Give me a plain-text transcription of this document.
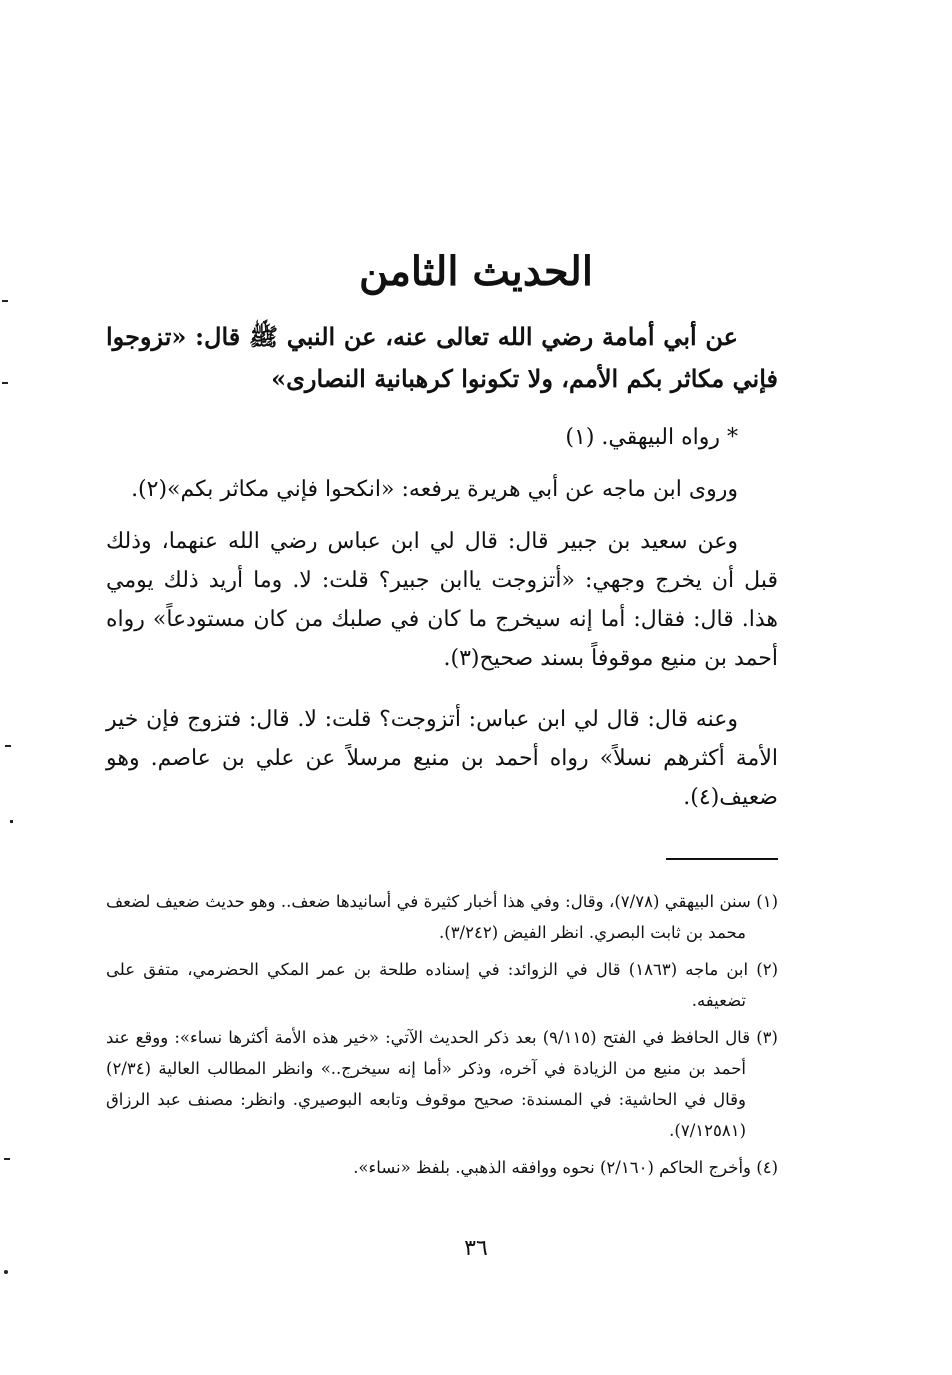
الحديث الثامن
عن أبي أمامة رضي الله تعالى عنه، عن النبي ﷺ قال: «تزوجوا فإني مكاثر بكم الأمم، ولا تكونوا كرهبانية النصارى»
* رواه البيهقي. (١)
وروى ابن ماجه عن أبي هريرة يرفعه: «انكحوا فإني مكاثر بكم»(٢).
وعن سعيد بن جبير قال: قال لي ابن عباس رضي الله عنهما، وذلك قبل أن يخرج وجهي: «أتزوجت ياابن جبير؟ قلت: لا. وما أريد ذلك يومي هذا. قال: فقال: أما إنه سيخرج ما كان في صلبك من كان مستودعاً» رواه أحمد بن منيع موقوفاً بسند صحيح(٣).
وعنه قال: قال لي ابن عباس: أتزوجت؟ قلت: لا. قال: فتزوج فإن خير الأمة أكثرهم نسلاً» رواه أحمد بن منيع مرسلاً عن علي بن عاصم. وهو ضعيف(٤).

(١) سنن البيهقي (٧/٧٨)، وقال: وفي هذا أخبار كثيرة في أسانيدها ضعف.. وهو حديث ضعيف لضعف محمد بن ثابت البصري. انظر الفيض (٣/٢٤٢).

(٢) ابن ماجه (١٨٦٣) قال في الزوائد: في إسناده طلحة بن عمر المكي الحضرمي، متفق على تضعيفه.

(٣) قال الحافظ في الفتح (٩/١١٥) بعد ذكر الحديث الآتي: «خير هذه الأمة أكثرها نساء»: ووقع عند أحمد بن منيع من الزيادة في آخره، وذكر «أما إنه سيخرج..» وانظر المطالب العالية (٢/٣٤) وقال في الحاشية: في المسندة: صحيح موقوف وتابعه البوصيري. وانظر: مصنف عبد الرزاق (٧/١٢٥٨١).

(٤) وأخرج الحاكم (٢/١٦٠) نحوه ووافقه الذهبي. بلفظ «نساء».

٣٦
